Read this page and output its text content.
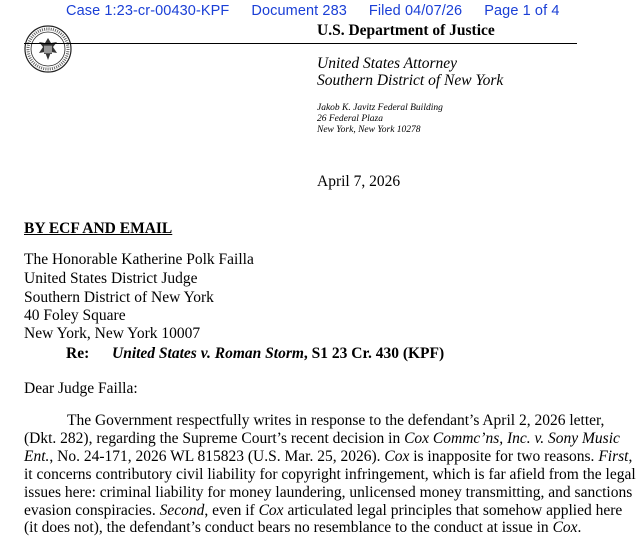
Case 1:23-cr-00430-KPF Document 283 Filed 04/07/26 Page 1 of 4
U.S. Department of Justice
United States Attorney
Southern District of New York
Jakob K. Javitz Federal Building
26 Federal Plaza
New York, New York 10278
April 7, 2026
BY ECF AND EMAIL
The Honorable Katherine Polk Failla
United States District Judge
Southern District of New York
40 Foley Square
New York, New York 10007
Re: United States v. Roman Storm, S1 23 Cr. 430 (KPF)
Dear Judge Failla:
The Government respectfully writes in response to the defendant’s April 2, 2026 letter,
(Dkt. 282), regarding the Supreme Court’s recent decision in Cox Commc’ns, Inc. v. Sony Music
Ent., No. 24-171, 2026 WL 815823 (U.S. Mar. 25, 2026). Cox is inapposite for two reasons. First,
it concerns contributory civil liability for copyright infringement, which is far afield from the legal
issues here: criminal liability for money laundering, unlicensed money transmitting, and sanctions
evasion conspiracies. Second, even if Cox articulated legal principles that somehow applied here
(it does not), the defendant’s conduct bears no resemblance to the conduct at issue in Cox.
